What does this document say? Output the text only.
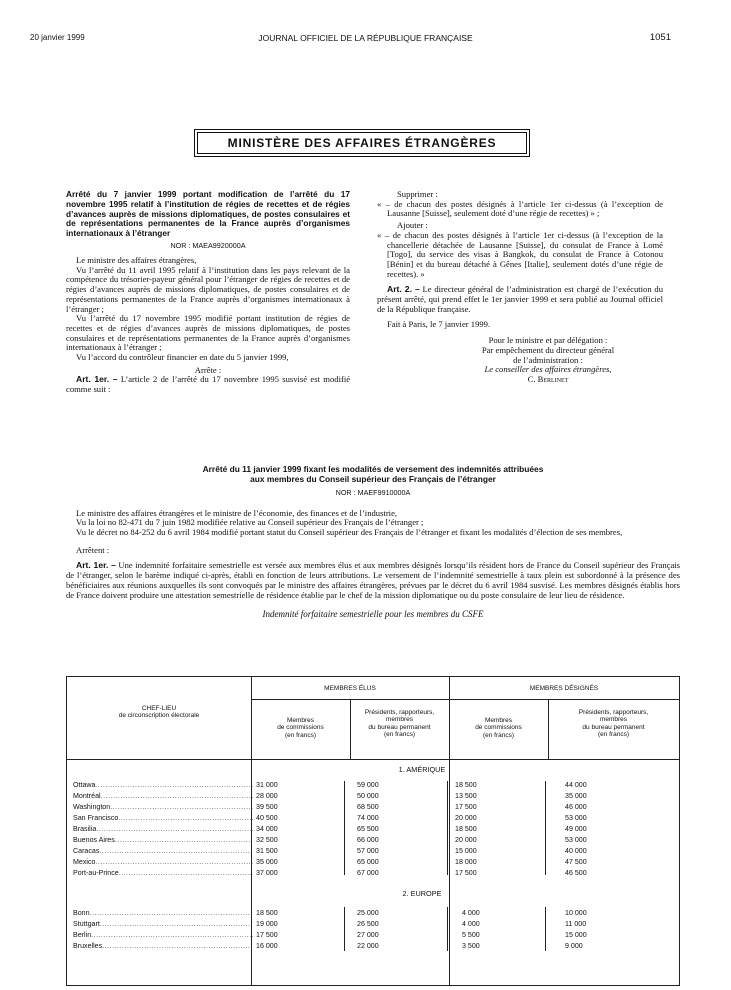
20 janvier 1999	JOURNAL OFFICIEL DE LA RÉPUBLIQUE FRANÇAISE	1051
MINISTÈRE DES AFFAIRES ÉTRANGÈRES
Arrêté du 7 janvier 1999 portant modification de l’arrêté du 17 novembre 1995 relatif à l’institution de régies de recettes et de régies d’avances auprès de missions diplomatiques, de postes consulaires et de représentations permanentes de la France auprès d’organismes internationaux à l’étranger
NOR : MAEA9920000A
Le ministre des affaires étrangères,
Vu l’arrêté du 11 avril 1995 relatif à l’institution dans les pays relevant de la compétence du trésorier-payeur général pour l’étranger de régies de recettes et de régies d’avances auprès de missions diplomatiques, de postes consulaires et de représentations permanentes de la France auprès d’organismes internationaux à l’étranger ;
Vu l’arrêté du 17 novembre 1995 modifié portant institution de régies de recettes et de régies d’avances auprès de missions diplomatiques, de postes consulaires et de représentations permanentes de la France auprès d’organismes internationaux à l’étranger ;
Vu l’accord du contrôleur financier en date du 5 janvier 1999,
Arrête :
Art. 1er. – L’article 2 de l’arrêté du 17 novembre 1995 susvisé est modifié comme suit :
Supprimer :
« – de chacun des postes désignés à l’article 1er ci-dessus (à l’exception de Lausanne [Suisse], seulement doté d’une régie de recettes) » ;
Ajouter :
« – de chacun des postes désignés à l’article 1er ci-dessus (à l’exception de la chancellerie détachée de Lausanne [Suisse], du consulat de France à Lomé [Togo], du service des visas à Bangkok, du consulat de France à Cotonou [Bénin] et du bureau détaché à Gênes [Italie], seulement dotés d’une régie de recettes). »
Art. 2. – Le directeur général de l’administration est chargé de l’exécution du présent arrêté, qui prend effet le 1er janvier 1999 et sera publié au Journal officiel de la République française.
Fait à Paris, le 7 janvier 1999.
Pour le ministre et par délégation :
Par empêchement du directeur général
de l’administration :
Le conseiller des affaires étrangères,
C. Berlinet
Arrêté du 11 janvier 1999 fixant les modalités de versement des indemnités attribuées
aux membres du Conseil supérieur des Français de l’étranger
NOR : MAEF9910000A
Le ministre des affaires étrangères et le ministre de l’économie, des finances et de l’industrie,
Vu la loi no 82-471 du 7 juin 1982 modifiée relative au Conseil supérieur des Français de l’étranger ;
Vu le décret no 84-252 du 6 avril 1984 modifié portant statut du Conseil supérieur des Français de l’étranger et fixant les modalités d’élection de ses membres,
Arrêtent :
Art. 1er. – Une indemnité forfaitaire semestrielle est versée aux membres élus et aux membres désignés lorsqu’ils résident hors de France du Conseil supérieur des Français de l’étranger, selon le barème indiqué ci-après, établi en fonction de leurs attributions. Le versement de l’indemnité semestrielle à taux plein est subordonné à la présence des bénéficiaires aux réunions auxquelles ils sont convoqués par le ministre des affaires étrangères, prévues par le décret du 6 avril 1984 susvisé. Les membres désignés établis hors de France doivent produire une attestation semestrielle de résidence établie par le chef de la mission diplomatique ou du poste consulaire de leur lieu de résidence.
Indemnité forfaitaire semestrielle pour les membres du CSFE
CHEF-LIEU
de circonscription électorale
MEMBRES ÉLUS	MEMBRES DÉSIGNÉS
Membres
de commissions
(en francs)
Présidents, rapporteurs,
membres
du bureau permanent
(en francs)
Membres
de commissions
(en francs)
Présidents, rapporteurs,
membres
du bureau permanent
(en francs)
1. AMÉRIQUE
Ottawa .....	31 000	59 000	18 500	44 000
Montréal .....	28 000	50 000	13 500	35 000
Washington .....	39 500	68 500	17 500	46 000
San Francisco .....	40 500	74 000	20 000	53 000
Brasilia .....	34 000	65 500	18 500	49 000
Buenos Aires .....	32 500	66 000	20 000	53 000
Caracas .....	31 500	57 000	15 000	40 000
Mexico .....	35 000	65 000	18 000	47 500
Port-au-Prince .....	37 000	67 000	17 500	46 500
2. EUROPE
Bonn .....	18 500	25 000	4 000	10 000
Stuttgart .....	19 000	26 500	4 000	11 000
Berlin .....	17 500	27 000	5 500	15 000
Bruxelles .....	16 000	22 000	3 500	9 000
